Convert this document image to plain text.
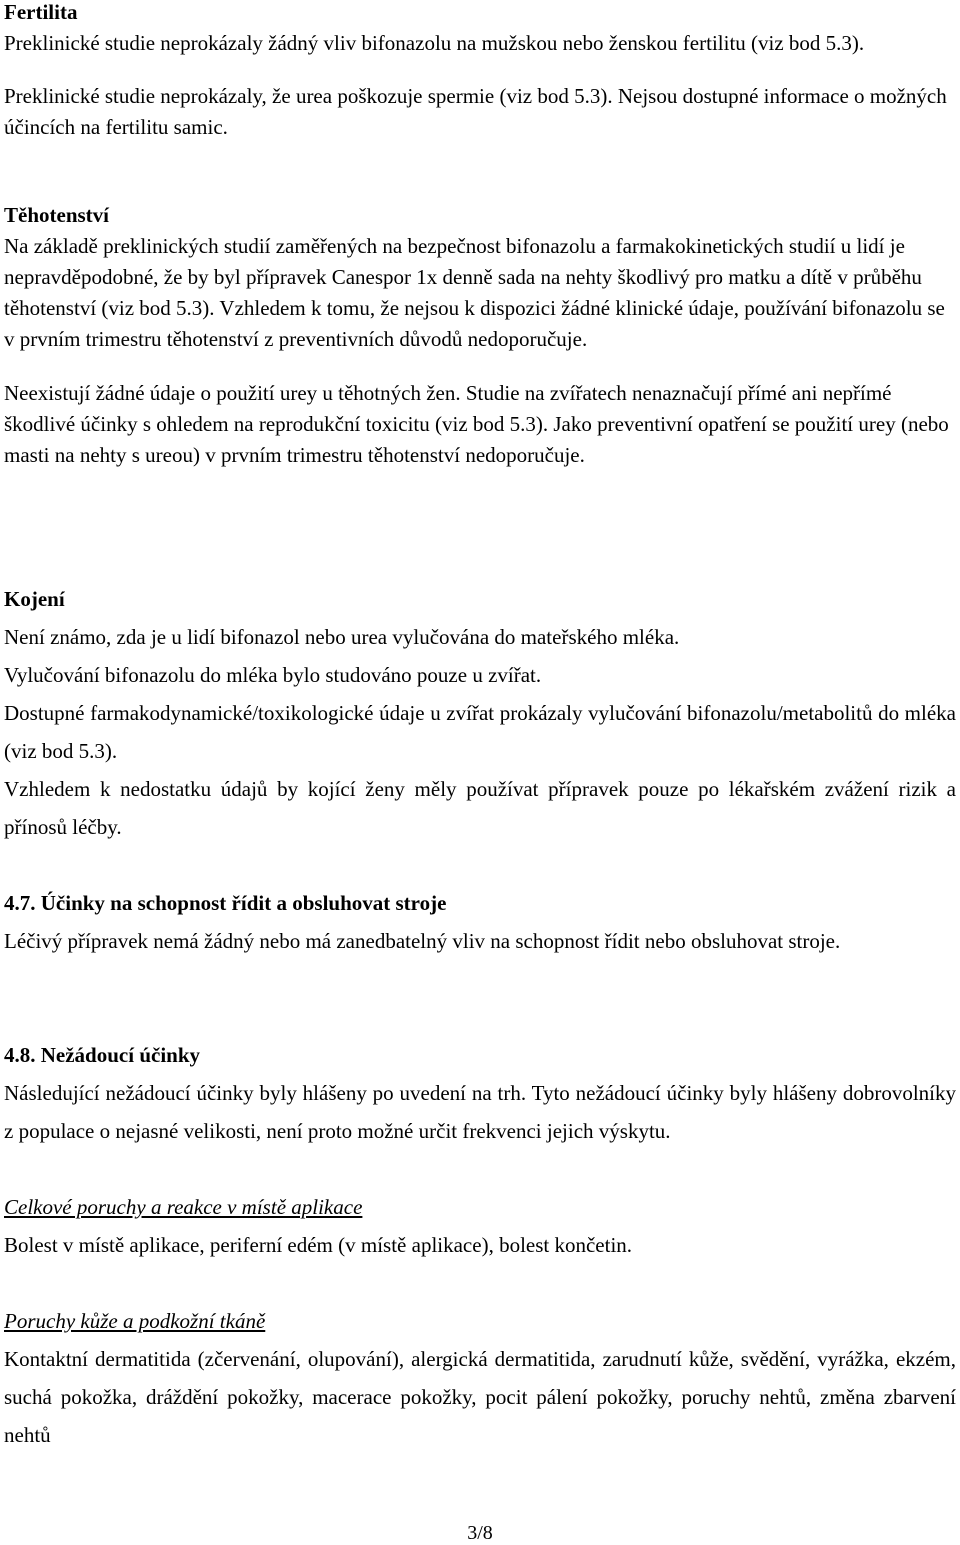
Fertilita
Preklinické studie neprokázaly žádný vliv bifonazolu na mužskou nebo ženskou fertilitu (viz bod 5.3).
Preklinické studie neprokázaly, že urea poškozuje spermie (viz bod 5.3). Nejsou dostupné informace o možných účincích na fertilitu samic.
Těhotenství
Na základě preklinických studií zaměřených na bezpečnost bifonazolu a farmakokinetických studií u lidí je nepravděpodobné, že by byl přípravek Canespor 1x denně sada na nehty škodlivý pro matku a dítě v průběhu těhotenství (viz bod 5.3). Vzhledem k tomu, že nejsou k dispozici žádné klinické údaje, používání bifonazolu se v prvním trimestru těhotenství z preventivních důvodů nedoporučuje.
Neexistují žádné údaje o použití urey u těhotných žen. Studie na zvířatech nenaznačují přímé ani nepřímé škodlivé účinky s ohledem na reprodukční toxicitu (viz bod 5.3). Jako preventivní opatření se použití urey (nebo masti na nehty s ureou) v prvním trimestru těhotenství nedoporučuje.
Kojení
Není známo, zda je u lidí bifonazol nebo urea vylučována do mateřského mléka.
Vylučování bifonazolu do mléka bylo studováno pouze u zvířat.
Dostupné farmakodynamické/toxikologické údaje u zvířat prokázaly vylučování bifonazolu/metabolitů do mléka (viz bod 5.3).
Vzhledem k nedostatku údajů by kojící ženy měly používat přípravek pouze po lékařském zvážení rizik a přínosů léčby.
4.7. Účinky na schopnost řídit a obsluhovat stroje
Léčivý přípravek nemá žádný nebo má zanedbatelný vliv na schopnost řídit nebo obsluhovat stroje.
4.8. Nežádoucí účinky
Následující nežádoucí účinky byly hlášeny po uvedení na trh. Tyto nežádoucí účinky byly hlášeny dobrovolníky z populace o nejasné velikosti, není proto možné určit frekvenci jejich výskytu.
Celkové poruchy a reakce v místě aplikace
Bolest v místě aplikace, periferní edém (v místě aplikace), bolest končetin.
Poruchy kůže a podkožní tkáně
Kontaktní dermatitida (zčervenání, olupování), alergická dermatitida, zarudnutí kůže, svědění, vyrážka, ekzém, suchá pokožka, dráždění pokožky, macerace pokožky, pocit pálení pokožky, poruchy nehtů, změna zbarvení nehtů
3/8
